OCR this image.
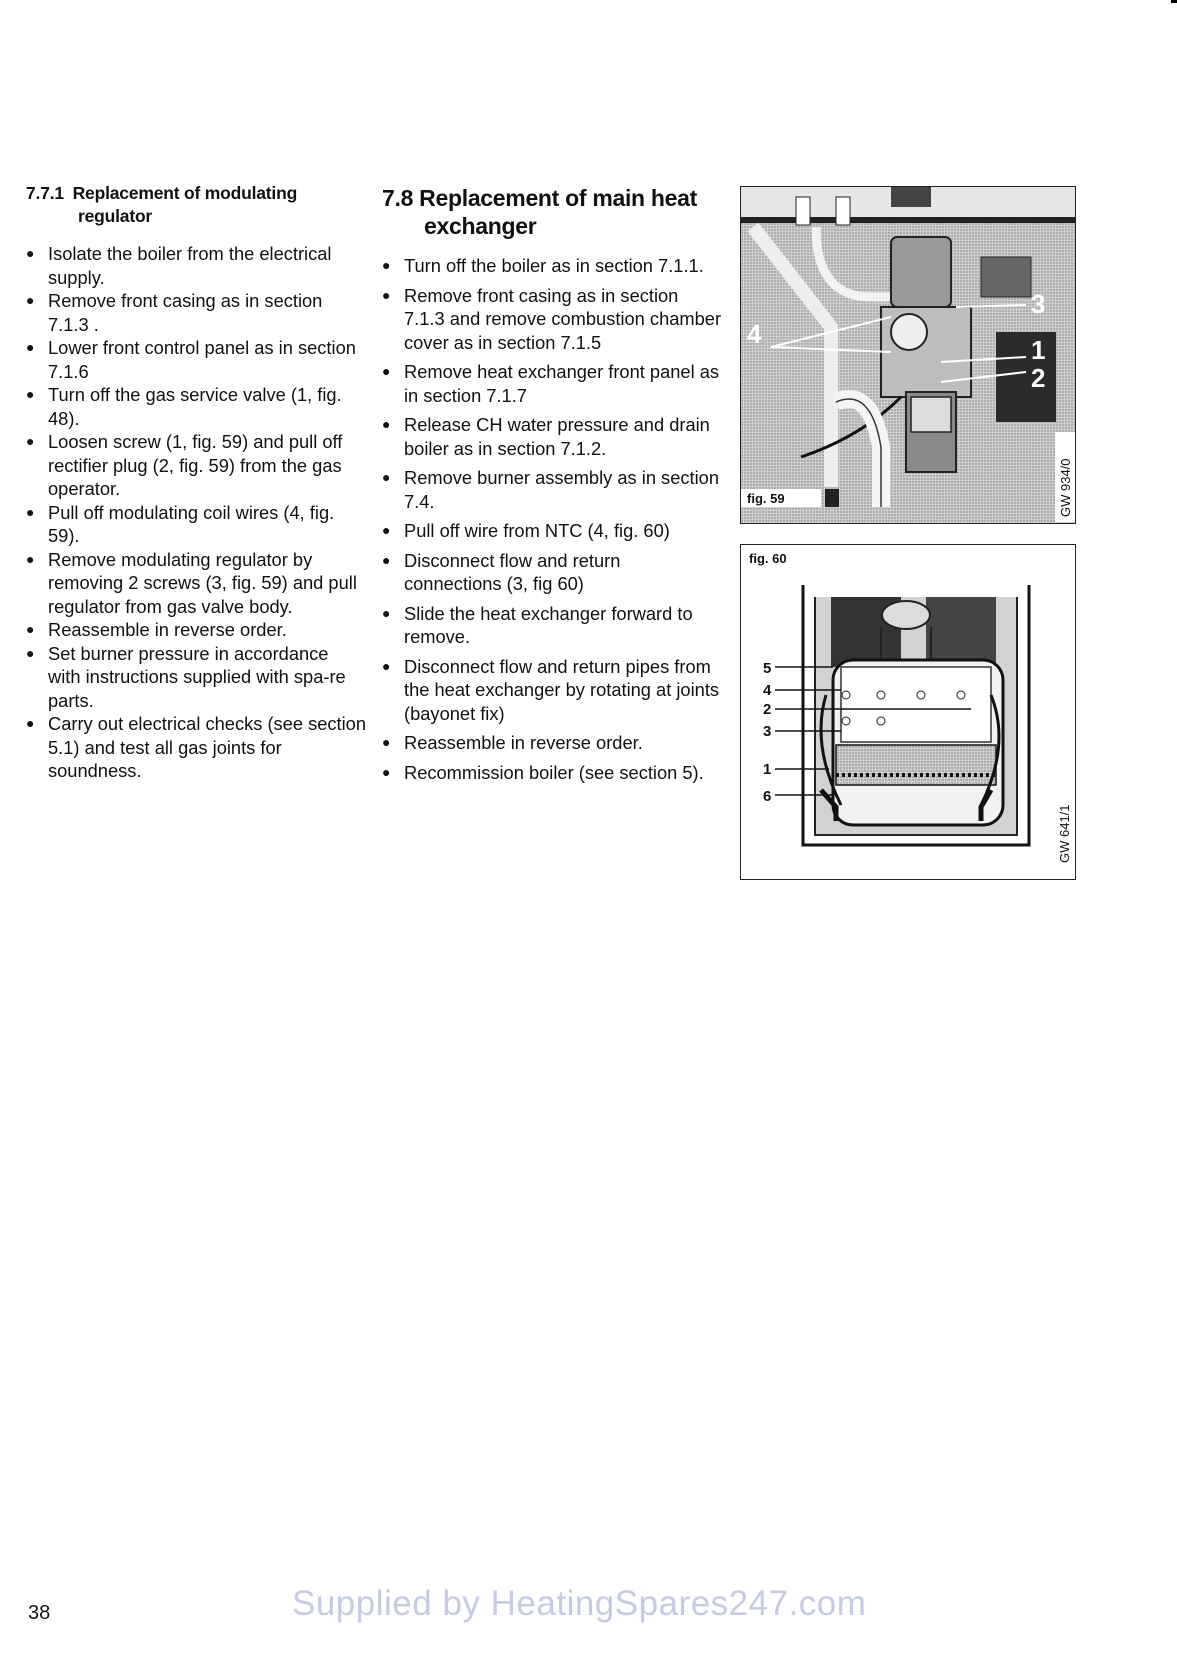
7.7.1 Replacement of modulating
regulator
● Isolate the boiler from the electrical supply.
● Remove front casing as in section 7.1.3 .
● Lower front control panel as in section 7.1.6
● Turn off the gas service valve (1, fig. 48).
● Loosen screw (1, fig. 59) and pull off rectifier plug (2, fig. 59) from the gas operator.
● Pull off modulating coil wires (4, fig. 59).
● Remove modulating regulator by removing 2 screws (3, fig. 59) and pull regulator from gas valve body.
● Reassemble in reverse order.
● Set burner pressure in accordance with instructions supplied with spa-re parts.
● Carry out electrical checks (see section 5.1) and test all gas joints for soundness.
7.8 Replacement of main heat
exchanger
● Turn off the boiler as in section 7.1.1.
● Remove front casing as in section 7.1.3 and remove combustion chamber cover as in section 7.1.5
● Remove heat exchanger front panel as in section 7.1.7
● Release CH water pressure and drain boiler as in section 7.1.2.
● Remove burner assembly as in section 7.4.
● Pull off wire from NTC (4, fig. 60)
● Disconnect flow and return connections (3, fig 60)
● Slide the heat exchanger forward to remove.
● Disconnect flow and return pipes from the heat exchanger by rotating at joints (bayonet fix)
● Reassemble in reverse order.
● Recommission boiler (see section 5).
4
3
1
2
fig. 59	GW 934/0
fig. 60
5
4
2
3
1
6
GW 641/1
38	Supplied by HeatingSpares247.com
